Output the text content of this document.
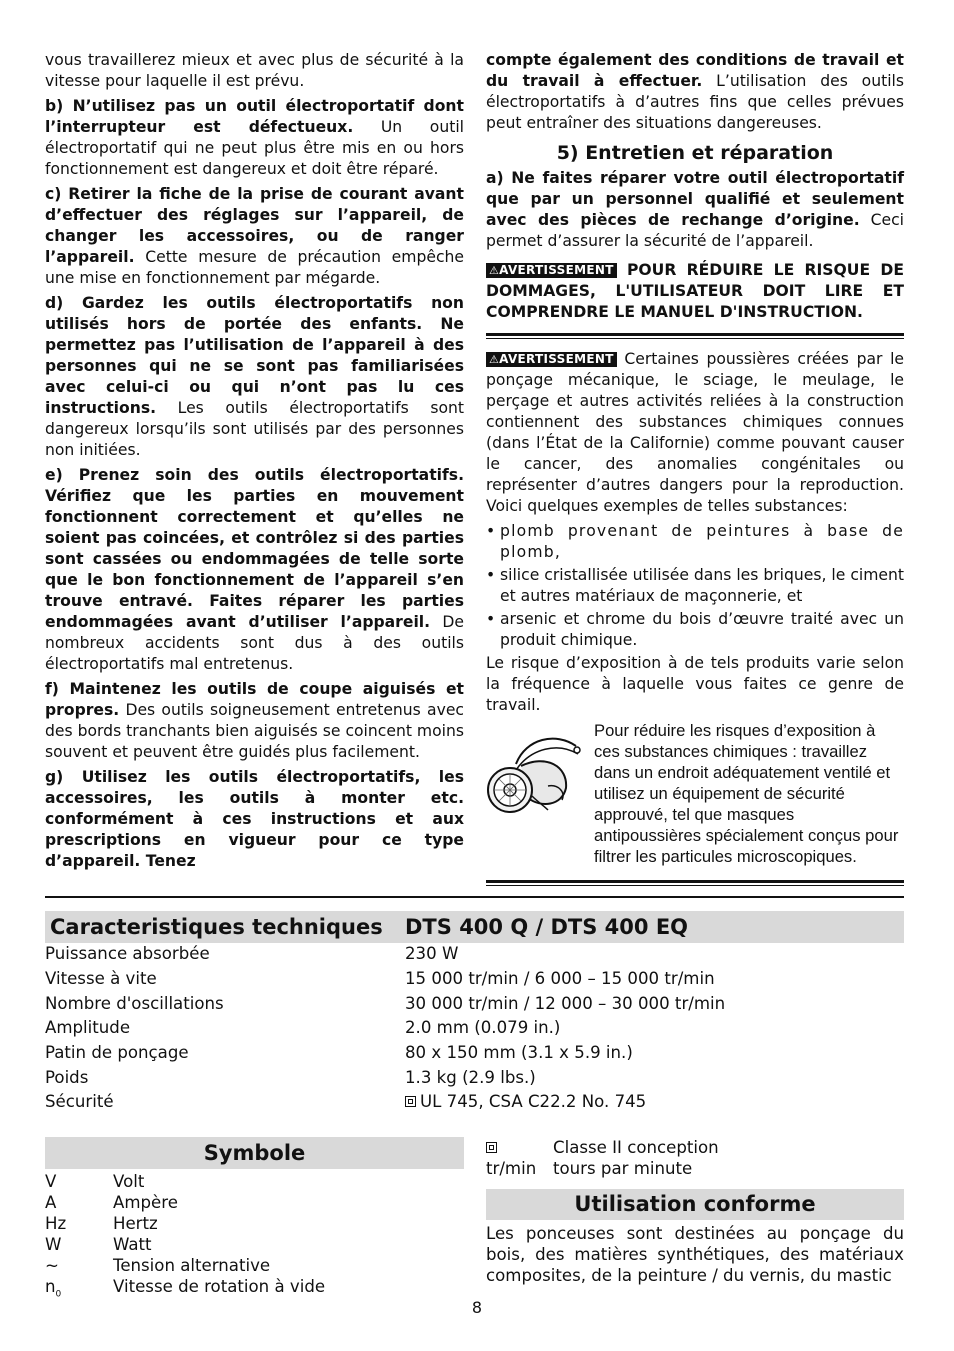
vous travaillerez mieux et avec plus de sécurité à la vitesse pour laquelle il est prévu.

b) N’utilisez pas un outil électroportatif dont l’interrupteur est défectueux. Un outil électroportatif qui ne peut plus être mis en ou hors fonctionnement est dangereux et doit être réparé.

c) Retirer la fiche de la prise de courant avant d’effectuer des réglages sur l’appareil, de changer les accessoires, ou de ranger l’appareil. Cette mesure de précaution empêche une mise en fonctionnement par mégarde.

d) Gardez les outils électroportatifs non utilisés hors de portée des enfants. Ne permettez pas l’utilisation de l’appareil à des personnes qui ne se sont pas familiarisées avec celui-ci ou qui n’ont pas lu ces instructions. Les outils électroportatifs sont dangereux lorsqu’ils sont utilisés par des personnes non initiées.

e) Prenez soin des outils électroportatifs. Vérifiez que les parties en mouvement fonctionnent correctement et qu’elles ne soient pas coincées, et contrôlez si des parties sont cassées ou endommagées de telle sorte que le bon fonctionnement de l’appareil s’en trouve entravé. Faites réparer les parties endommagées avant d’utiliser l’appareil. De nombreux accidents sont dus à des outils électroportatifs mal entretenus.

f) Maintenez les outils de coupe aiguisés et propres. Des outils soigneusement entretenus avec des bords tranchants bien aiguisés se coincent moins souvent et peuvent être guidés plus facilement.

g) Utilisez les outils électroportatifs, les accessoires, les outils à monter etc. conformément à ces instructions et aux prescriptions en vigueur pour ce type d’appareil. Tenez

compte également des conditions de travail et du travail à effectuer. L’utilisation des outils électroportatifs à d’autres fins que celles prévues peut entraîner des situations dangereuses.

5) Entretien et réparation

a) Ne faites réparer votre outil électroportatif que par un personnel qualifié et seulement avec des pièces de rechange d’origine. Ceci permet d’assurer la sécurité de l’appareil.

⚠AVERTISSEMENT POUR RÉDUIRE LE RISQUE DE DOMMAGES, L'UTILISATEUR DOIT LIRE ET COMPRENDRE LE MANUEL D'INSTRUCTION.

⚠AVERTISSEMENT Certaines poussières créées par le ponçage mécanique, le sciage, le meulage, le perçage et autres activités reliées à la construction contiennent des substances chimiques connues (dans l’État de la Californie) comme pouvant causer le cancer, des anomalies congénitales ou représenter d’autres dangers pour la reproduction. Voici quelques exemples de telles substances:

• plomb provenant de peintures à base de plomb,
• silice cristallisée utilisée dans les briques, le ciment et autres matériaux de maçonnerie, et
• arsenic et chrome du bois d’œuvre traité avec un produit chimique.

Le risque d’exposition à de tels produits varie selon la fréquence à laquelle vous faites ce genre de travail.

Pour réduire les risques d’exposition à ces substances chimiques : travaillez dans un endroit adéquatement ventilé et utilisez un équipement de sécurité approuvé, tel que masques antipoussières spécialement conçus pour filtrer les particules microscopiques.
Caracteristiques techniques DTS 400 Q / DTS 400 EQ
Puissance absorbée	230 W
Vitesse à vite	15 000 tr/min / 6 000 – 15 000 tr/min
Nombre d'oscillations	30 000 tr/min / 12 000 – 30 000 tr/min
Amplitude	2.0 mm (0.079 in.)
Patin de ponçage	80 x 150 mm (3.1 x 5.9 in.)
Poids	1.3 kg (2.9 lbs.)
Sécurité	UL 745, CSA C22.2 No. 745
Symbole
V	Volt
A	Ampère
Hz	Hertz
W	Watt
~	Tension alternative
$n_0$	Vitesse de rotation à vide
Classe II conception
tr/min tours par minute
Utilisation conforme
Les ponceuses sont destinées au ponçage du bois, des matières synthétiques, des matériaux composites, de la peinture / du vernis, du mastic
8
